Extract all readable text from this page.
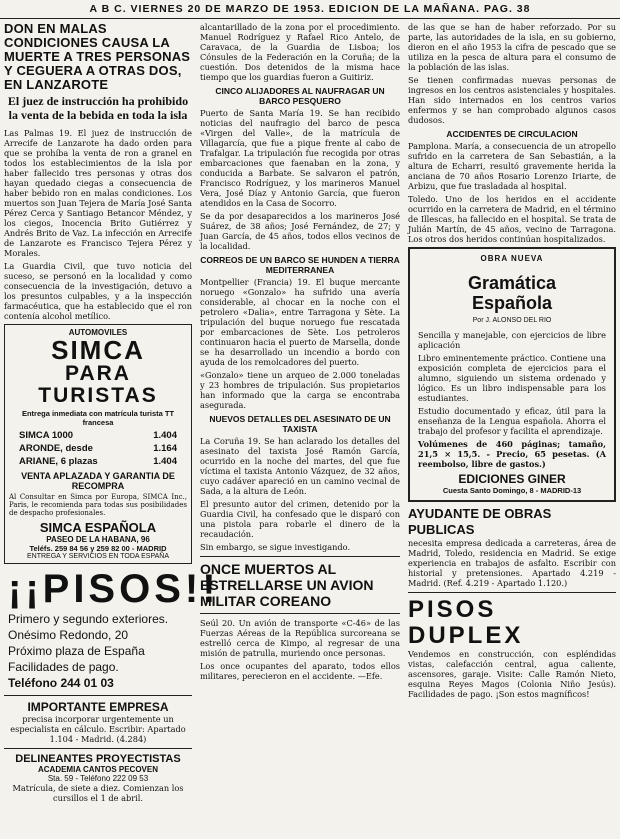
A B C. VIERNES 20 DE MARZO DE 1953. EDICION DE LA MAÑANA. PAG. 38
DON EN MALAS CONDICIONES CAUSA LA MUERTE A TRES PERSONAS Y CEGUERA A OTRAS DOS, EN LANZAROTE
El juez de instrucción ha prohibido la venta de la bebida en toda la isla

Las Palmas 19. El juez de instrucción de Arrecife de Lanzarote ha dado orden para que se prohíba la venta de ron a granel en todos los establecimientos de la isla por haber fallecido tres personas y otras dos hayan quedado ciegas a consecuencia de haber bebido ron en malas condiciones. Los muertos son Juan Tejera de María José Santa Pérez Cerca y Santiago Betancor Méndez, y los ciegos, Inocencia Brito Gutiérrez y Andrés Brito de Vaz. La infección en Arrecife de Lanzarote es Francisco Tejera Pérez y Morales.

La Guardia Civil, que tuvo noticia del suceso, se personó en la localidad y como consecuencia de la investigación, detuvo a los presuntos culpables, y a la inspección farmacéutica, que ha establecido que el ron contenía alcohol metílico.

AUTOMOVILES
SIMCA
PARA TURISTAS
Entrega inmediata con matrícula turista TT francesa
SIMCA 1000	1.404
ARONDE, desde	1.164
ARIANE, 6 plazas	1.404
VENTA APLAZADA Y GARANTIA DE RECOMPRA

Al Consultar en Simca por Europa, SIMCA Inc., Paris, le recomienda para todas sus posibilidades de despacho profesionales.

SIMCA ESPAÑOLA
PASEO DE LA HABANA, 96
Teléfs. 259 84 56 y 259 82 00 - MADRID
ENTREGA Y SERVICIOS EN TODA ESPAÑA
¡¡PISOS!!
Primero y segundo exteriores.
Onésimo Redondo, 20
Próximo plaza de España
Facilidades de pago.
Teléfono 244 01 03
IMPORTANTE EMPRESA

precisa incorporar urgentemente un especialista en cálculo. Escribir: Apartado 1.104 - Madrid. (4.284)

DELINEANTES PROYECTISTAS
ACADEMIA CANTOS PECOVEN
Sta. 59 - Teléfono 222 09 53

Matrícula, de siete a diez. Comienzan los cursillos el 1 de abril.

alcantarillado de la zona por el procedimiento. Manuel Rodríguez y Rafael Rico Antelo, de Caravaca, de la Guardia de Lisboa; los Cónsules de la Federación en la Coruña; de la cuestión. Dos detenidos de la misma hace tiempo que los guardias fueron a Guitiriz.

CINCO ALIJADORES AL NAUFRAGAR UN BARCO PESQUERO

Puerto de Santa María 19. Se han recibido noticias del naufragio del barco de pesca «Virgen del Valle», de la matrícula de Villagarcía, que fue a pique frente al cabo de Trafalgar. La tripulación fue recogida por otras embarcaciones que faenaban en la zona, y conducida a Barbate. Se salvaron el patrón, Francisco Rodríguez, y los marineros Manuel Vera, José Díaz y Antonio García, que fueron atendidos en la Casa de Socorro.

Se da por desaparecidos a los marineros José Suárez, de 38 años; José Fernández, de 27; y Juan García, de 45 años, todos ellos vecinos de la localidad.

CORREOS DE UN BARCO SE HUNDEN A TIERRA MEDITERRANEA

Montpellier (Francia) 19. El buque mercante noruego «Gonzalo» ha sufrido una avería considerable, al chocar en la noche con el petrolero «Dalia», entre Tarragona y Sète. La tripulación del buque noruego fue rescatada por embarcaciones de Sète. Los petroleros continuaron hacia el puerto de Marsella, donde se ha desarrollado un incendio a bordo con ayuda de los remolcadores del puerto.

«Gonzalo» tiene un arqueo de 2.000 toneladas y 23 hombres de tripulación. Sus propietarios han informado que la carga se encontraba asegurada.

NUEVOS DETALLES DEL ASESINATO DE UN TAXISTA

La Coruña 19. Se han aclarado los detalles del asesinato del taxista José Ramón García, ocurrido en la noche del martes, del que fue víctima el taxista Antonio Vázquez, de 32 años, cuyo cadáver apareció en un camino vecinal de Sada, a la altura de León.

El presunto autor del crimen, detenido por la Guardia Civil, ha confesado que le disparó con una pistola para robarle el dinero de la recaudación.

Sin embargo, se sigue investigando.

ONCE MUERTOS AL ESTRELLARSE UN AVION MILITAR COREANO

Seúl 20. Un avión de transporte «C-46» de las Fuerzas Aéreas de la República surcoreana se estrelló cerca de Kimpo, al regresar de una misión de patrulla, muriendo once personas.

Los once ocupantes del aparato, todos ellos militares, perecieron en el accidente. —Efe.

de las que se han de haber reforzado. Por su parte, las autoridades de la isla, en su gobierno, dieron en el año 1953 la cifra de pescado que se utiliza en la pesca de altura para el consumo de la población de las islas.

Se tienen confirmadas nuevas personas de ingresos en los centros asistenciales y hospitales. Han sido internados en los centros varios enfermos y se han comprobado algunos casos dudosos.

ACCIDENTES DE CIRCULACION

Pamplona. María, a consecuencia de un atropello sufrido en la carretera de San Sebastián, a la altura de Echarri, resultó gravemente herida la anciana de 70 años Rosario Lorenzo Iriarte, de Arbizu, que fue trasladada al hospital.

Toledo. Uno de los heridos en el accidente ocurrido en la carretera de Madrid, en el término de Illescas, ha fallecido en el hospital. Se trata de Julián Martín, de 45 años, vecino de Tarragona. Los otros dos heridos continúan hospitalizados.

OBRA NUEVA
Gramática Española
Por J. ALONSO DEL RIO

Sencilla y manejable, con ejercicios de libre aplicación

Libro eminentemente práctico. Contiene una exposición completa de ejercicios para el alumno, siguiendo un sistema ordenado y lógico. Es un libro indispensable para los estudiantes.

Estudio documentado y eficaz, útil para la enseñanza de la Lengua española. Ahorra el trabajo del profesor y facilita el aprendizaje.

Volúmenes de 460 páginas; tamaño, 21,5 × 15,5. - Precio, 65 pesetas. (A reembolso, libre de gastos.)

EDICIONES GINER
Cuesta Santo Domingo, 8 - MADRID-13
AYUDANTE DE OBRAS PUBLICAS

necesita empresa dedicada a carreteras, área de Madrid, Toledo, residencia en Madrid. Se exige experiencia en trabajos de asfalto. Escribir con historial y pretensiones. Apartado 4.219 - Madrid. (Ref. 4.219 - Apartado 1.120.)

PISOS DUPLEX

Vendemos en construcción, con espléndidas vistas, calefacción central, agua caliente, ascensores, garaje. Visite: Calle Ramón Nieto, esquina Reyes Magos (Colonia Niño Jesús). Facilidades de pago. ¡Son estos magníficos!
